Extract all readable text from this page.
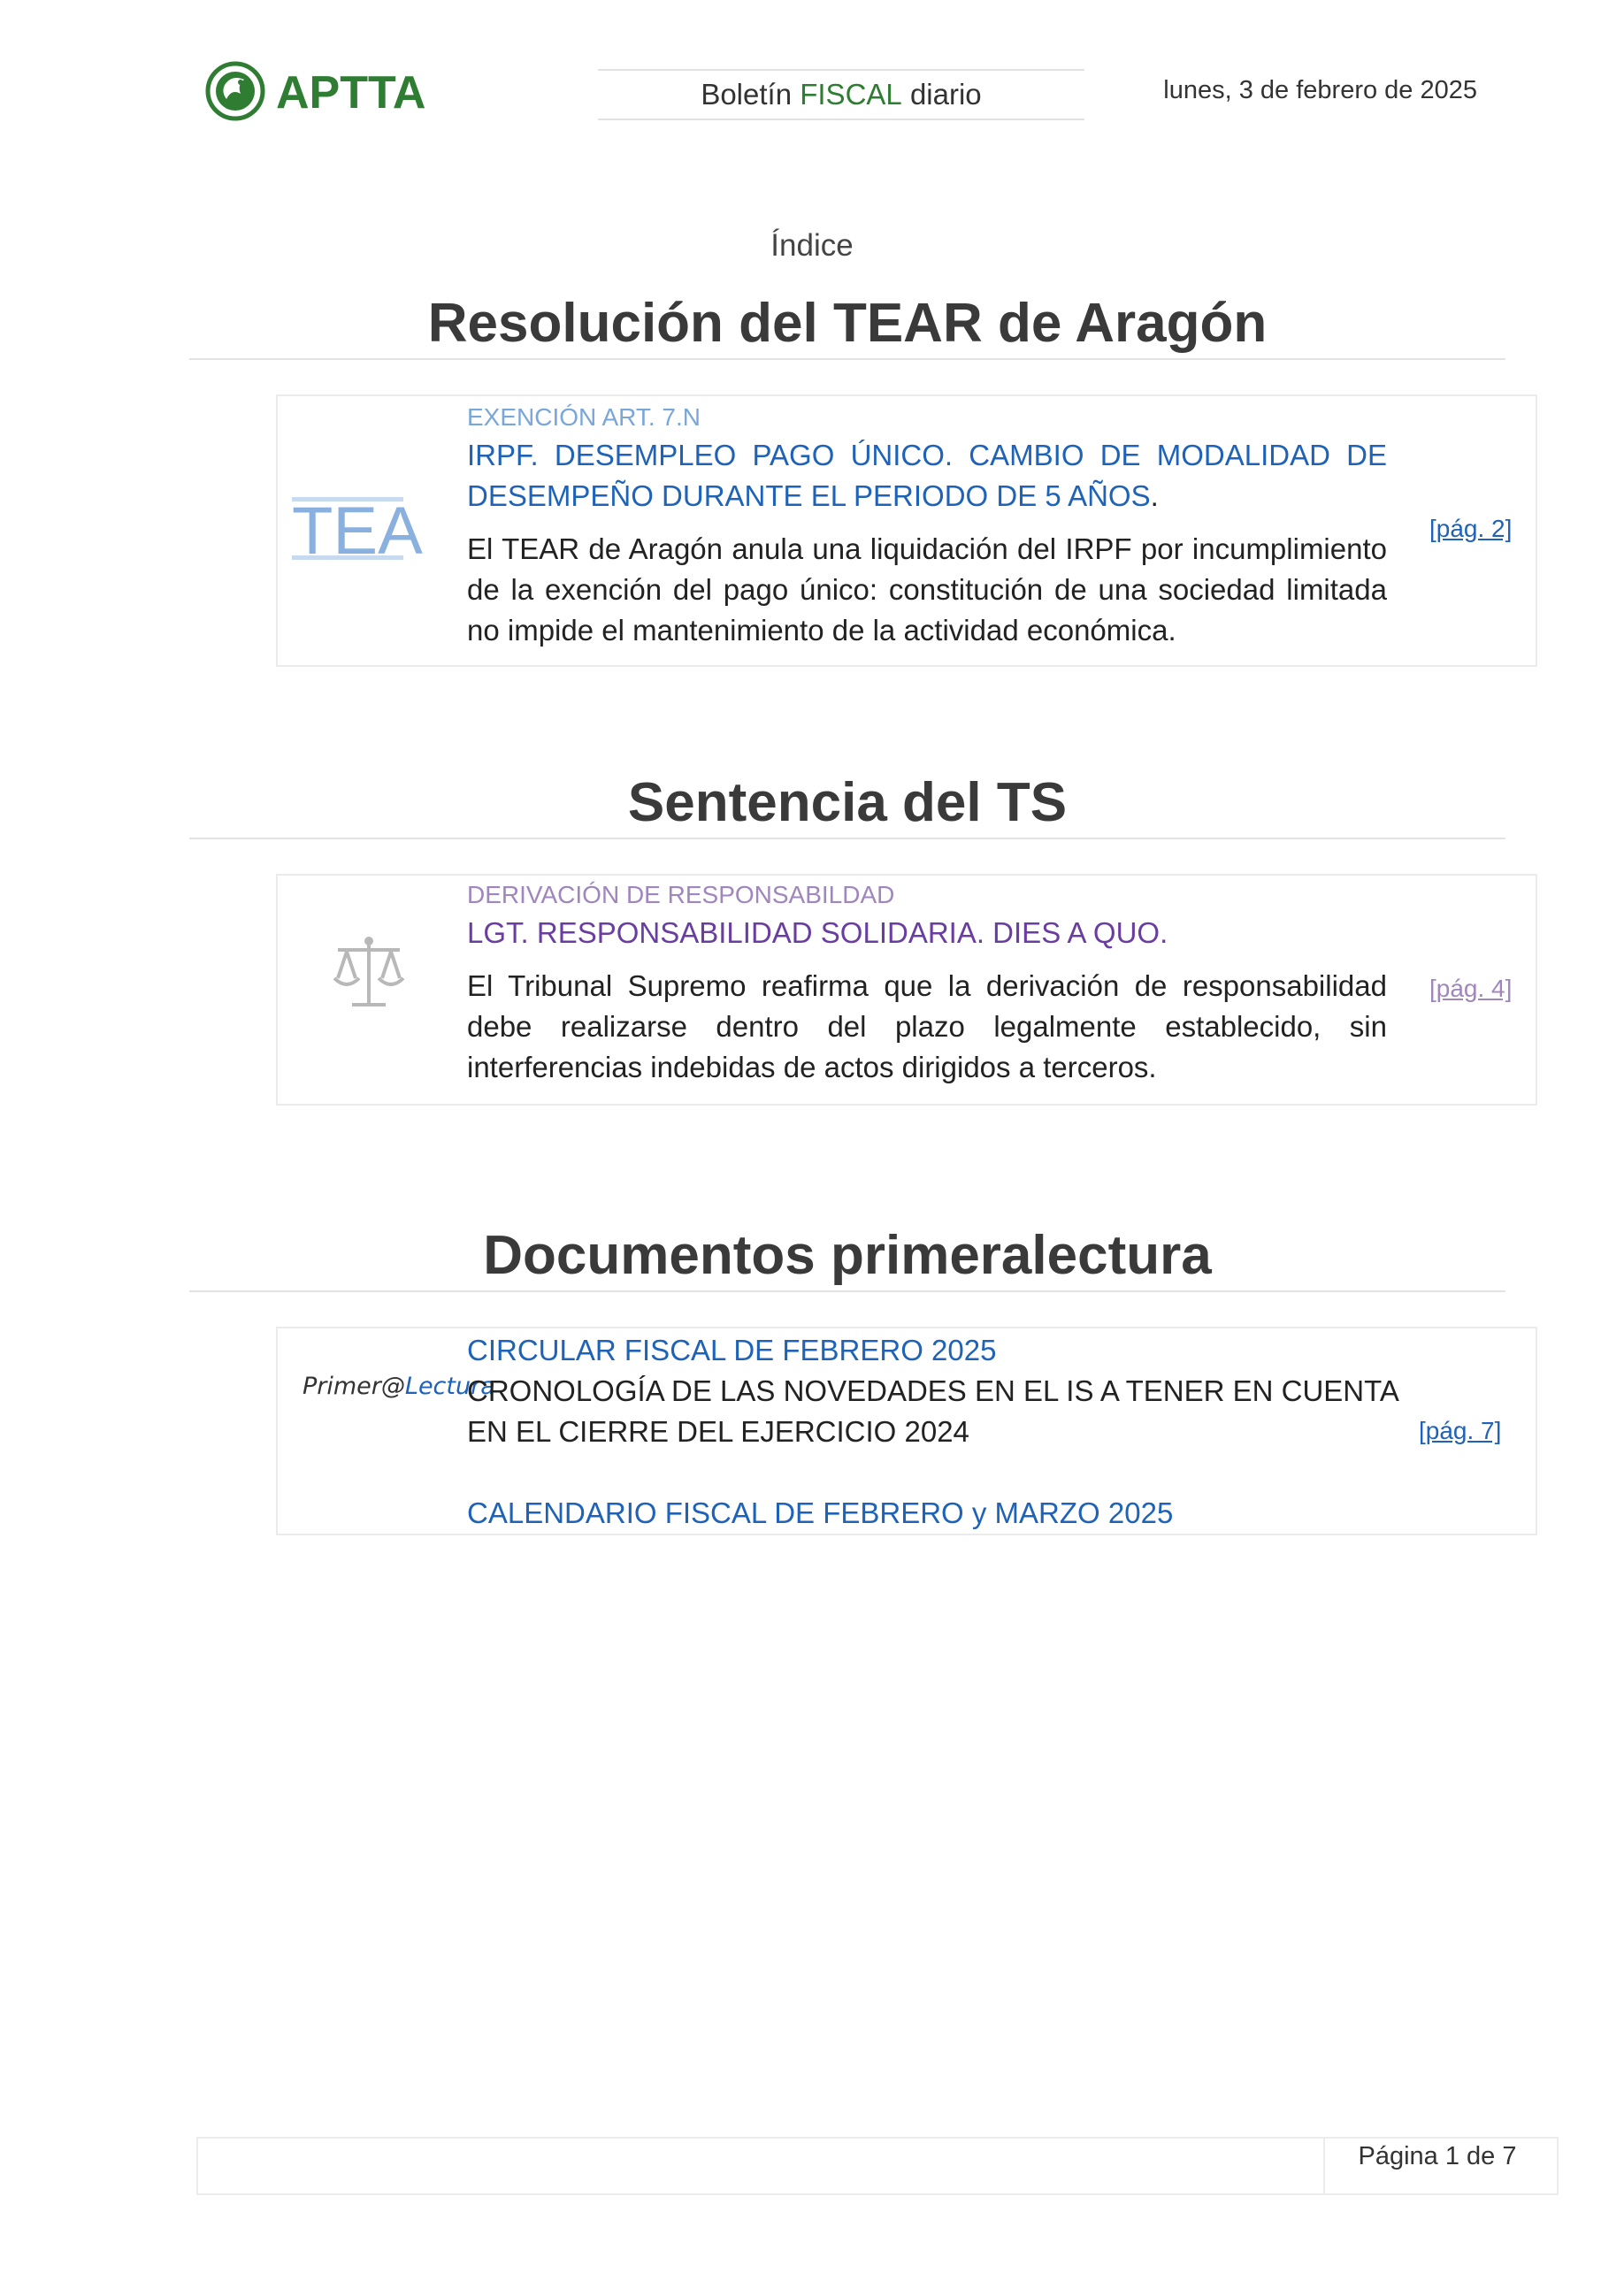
APTTA	Boletín
FISCAL
diario	lunes, 3 de febrero de 2025
Índice
Resolución del TEAR de Aragón
TEA
EXENCIÓN ART. 7.N
IRPF. DESEMPLEO PAGO ÚNICO. CAMBIO DE MODALIDAD DE DESEMPEÑO DURANTE EL PERIODO DE 5 AÑOS.
El TEAR de Aragón anula una liquidación del IRPF por incumplimiento de la exención del pago único: constitución de una sociedad limitada no impide el mantenimiento de la actividad económica.
[pág. 2]
Sentencia del TS
DERIVACIÓN DE RESPONSABILDAD
LGT. RESPONSABILIDAD SOLIDARIA. DIES A QUO.
El Tribunal Supremo reafirma que la derivación de responsabilidad debe realizarse dentro del plazo legalmente establecido, sin interferencias indebidas de actos dirigidos a terceros.
[pág. 4]
Documentos primeralectura
Primer@Lectura
CIRCULAR FISCAL DE FEBRERO 2025
CRONOLOGÍA DE LAS NOVEDADES EN EL IS A TENER EN CUENTA EN EL CIERRE DEL EJERCICIO 2024
CALENDARIO FISCAL DE FEBRERO y MARZO 2025
[pág. 7]
Página 1 de 7
